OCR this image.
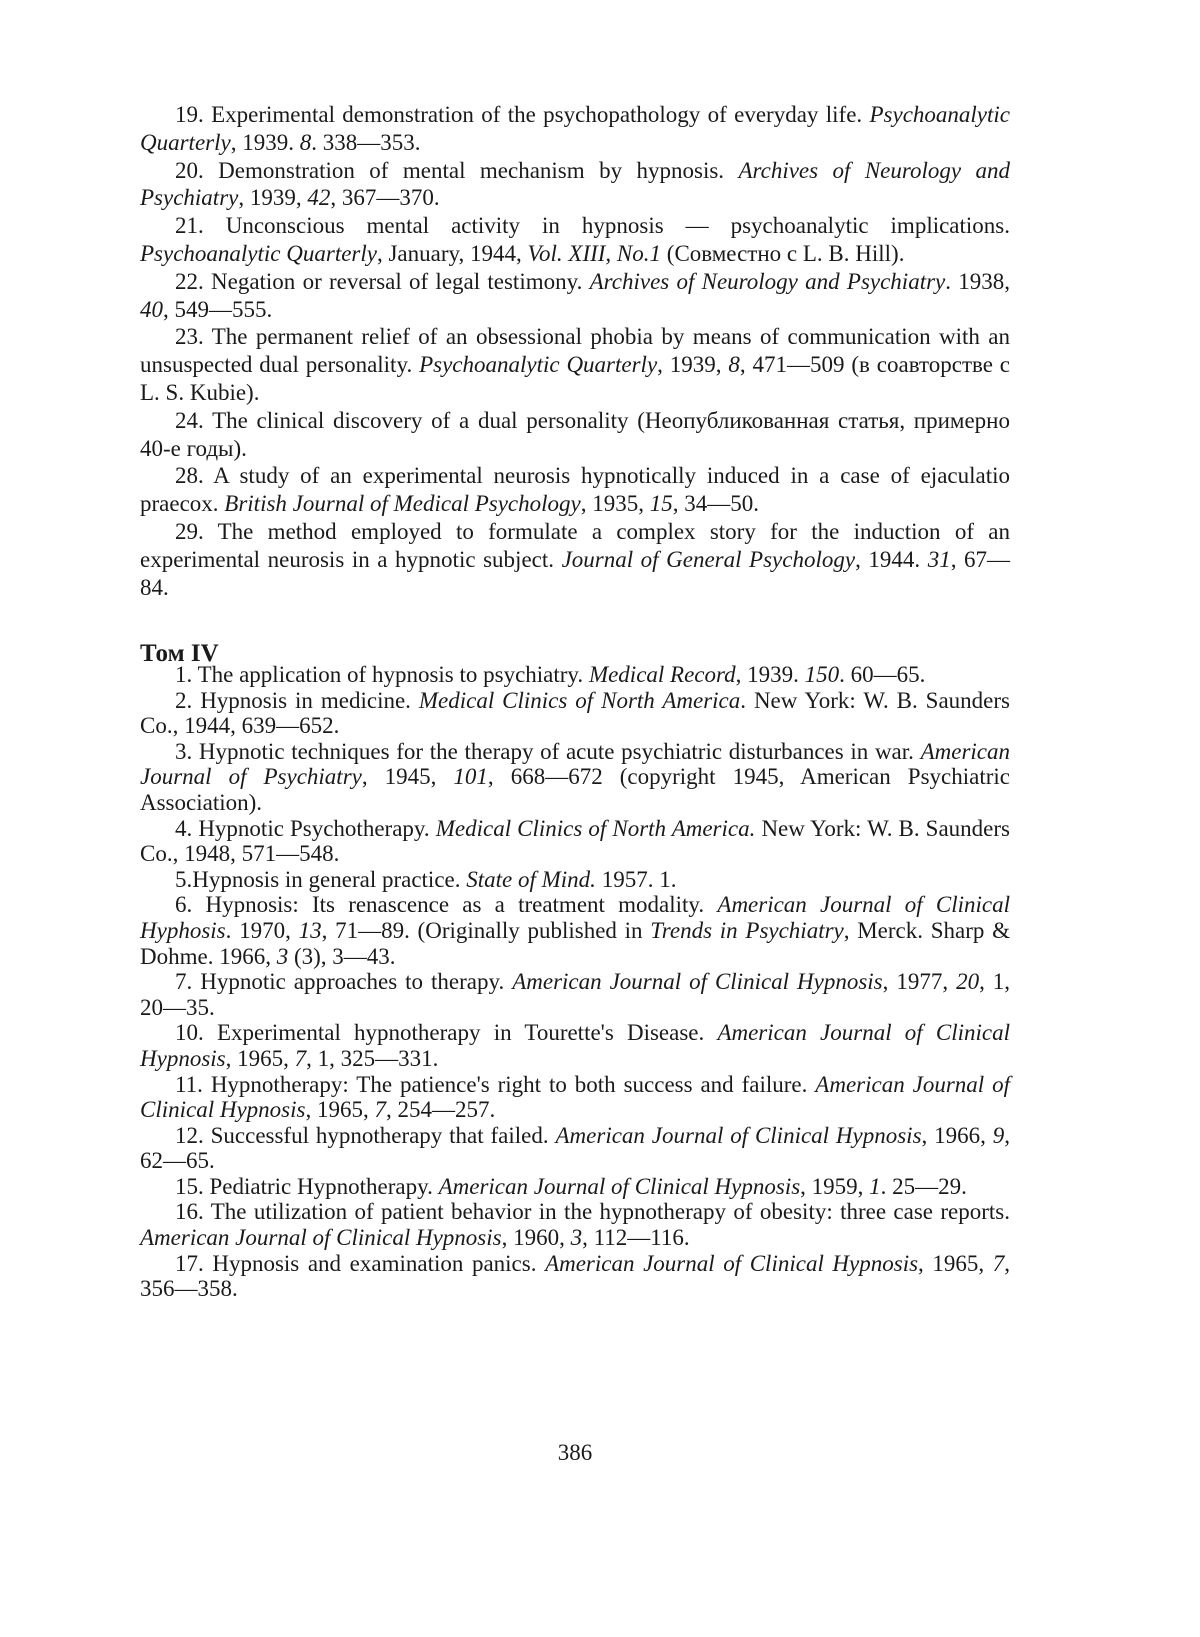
19. Experimental demonstration of the psychopathology of everyday life. Psychoanalytic Quarterly, 1939. 8. 338—353.

20. Demonstration of mental mechanism by hypnosis. Archives of Neurology and Psychiatry, 1939, 42, 367—370.

21. Unconscious mental activity in hypnosis — psychoanalytic implications. Psychoanalytic Quarterly, January, 1944, Vol. XIII, No.1 (Совместно с L. B. Hill).

22. Negation or reversal of legal testimony. Archives of Neurology and Psychiatry. 1938, 40, 549—555.

23. The permanent relief of an obsessional phobia by means of communication with an unsuspected dual personality. Psychoanalytic Quarterly, 1939, 8, 471—509 (в соавторстве с L. S. Kubie).

24. The clinical discovery of a dual personality (Неопубликованная статья, примерно 40-е годы).

28. A study of an experimental neurosis hypnotically induced in a case of ejaculatio praecox. British Journal of Medical Psychology, 1935, 15, 34—50.

29. The method employed to formulate a complex story for the induction of an experimental neurosis in a hypnotic subject. Journal of General Psychology, 1944. 31, 67—84.

Том IV

1. The application of hypnosis to psychiatry. Medical Record, 1939. 150. 60—65.

2. Hypnosis in medicine. Medical Clinics of North America. New York: W. B. Saunders Co., 1944, 639—652.

3. Hypnotic techniques for the therapy of acute psychiatric disturbances in war. American Journal of Psychiatry, 1945, 101, 668—672 (copyright 1945, American Psychiatric Association).

4. Hypnotic Psychotherapy. Medical Clinics of North America. New York: W. B. Saunders Co., 1948, 571—548.

5.Hypnosis in general practice. State of Mind. 1957. 1.

6. Hypnosis: Its renascence as a treatment modality. American Journal of Clinical Hyphosis. 1970, 13, 71—89. (Originally published in Trends in Psychiatry, Merck. Sharp & Dohme. 1966, 3 (3), 3—43.

7. Hypnotic approaches to therapy. American Journal of Clinical Hypnosis, 1977, 20, 1, 20—35.

10. Experimental hypnotherapy in Tourette's Disease. American Journal of Clinical Hypnosis, 1965, 7, 1, 325—331.

11. Hypnotherapy: The patience's right to both success and failure. American Journal of Clinical Hypnosis, 1965, 7, 254—257.

12. Successful hypnotherapy that failed. American Journal of Clinical Hypnosis, 1966, 9, 62—65.

15. Pediatric Hypnotherapy. American Journal of Clinical Hypnosis, 1959, 1. 25—29.

16. The utilization of patient behavior in the hypnotherapy of obesity: three case reports. American Journal of Clinical Hypnosis, 1960, 3, 112—116.

17. Hypnosis and examination panics. American Journal of Clinical Hypnosis, 1965, 7, 356—358.

386
